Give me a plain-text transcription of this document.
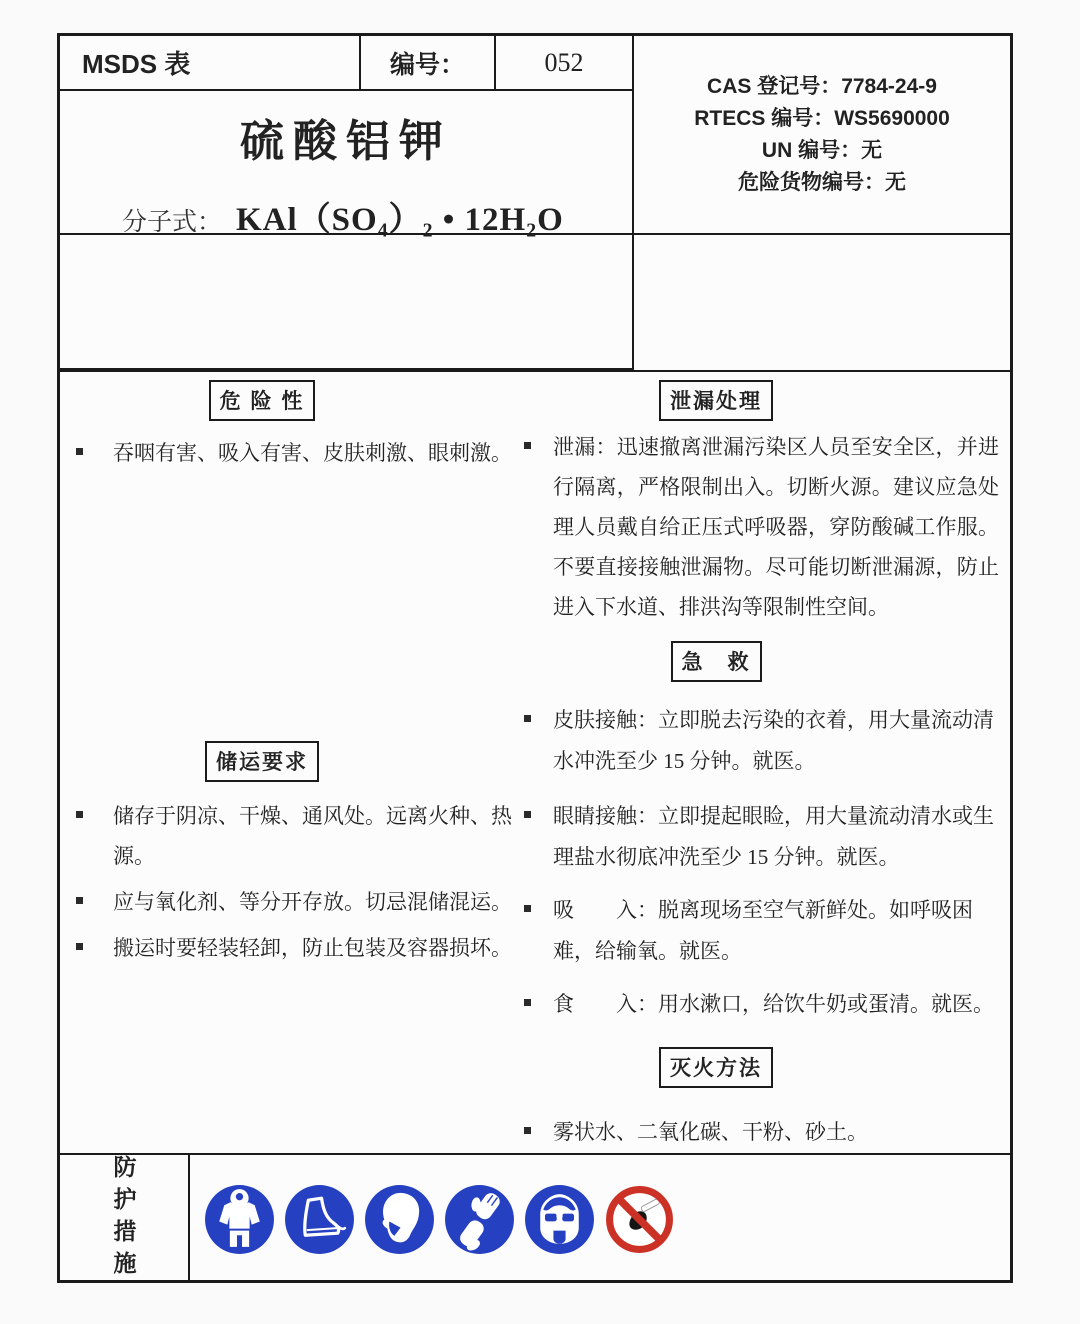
MSDS 表	编号：	052
硫酸铝钾
分子式： KAl（SO₄）₂ • 12H₂O
CAS 登记号：7784-24-9
RTECS 编号：WS5690000
UN 编号：无
危险货物编号：无
危 险 性
吞咽有害、吸入有害、皮肤刺激、眼刺激。
储运要求
储存于阴凉、干燥、通风处。远离火种、热源。
应与氧化剂、等分开存放。切忌混储混运。
搬运时要轻装轻卸，防止包装及容器损坏。
泄漏处理
泄漏：迅速撤离泄漏污染区人员至安全区，并进行隔离，严格限制出入。切断火源。建议应急处理人员戴自给正压式呼吸器，穿防酸碱工作服。不要直接接触泄漏物。尽可能切断泄漏源，防止进入下水道、排洪沟等限制性空间。
急　救
皮肤接触：立即脱去污染的衣着，用大量流动清水冲洗至少 15 分钟。就医。
眼睛接触：立即提起眼睑，用大量流动清水或生理盐水彻底冲洗至少 15 分钟。就医。
吸　　入：脱离现场至空气新鲜处。如呼吸困难，给输氧。就医。
食　　入：用水漱口，给饮牛奶或蛋清。就医。
灭火方法
雾状水、二氧化碳、干粉、砂土。
防护措施
